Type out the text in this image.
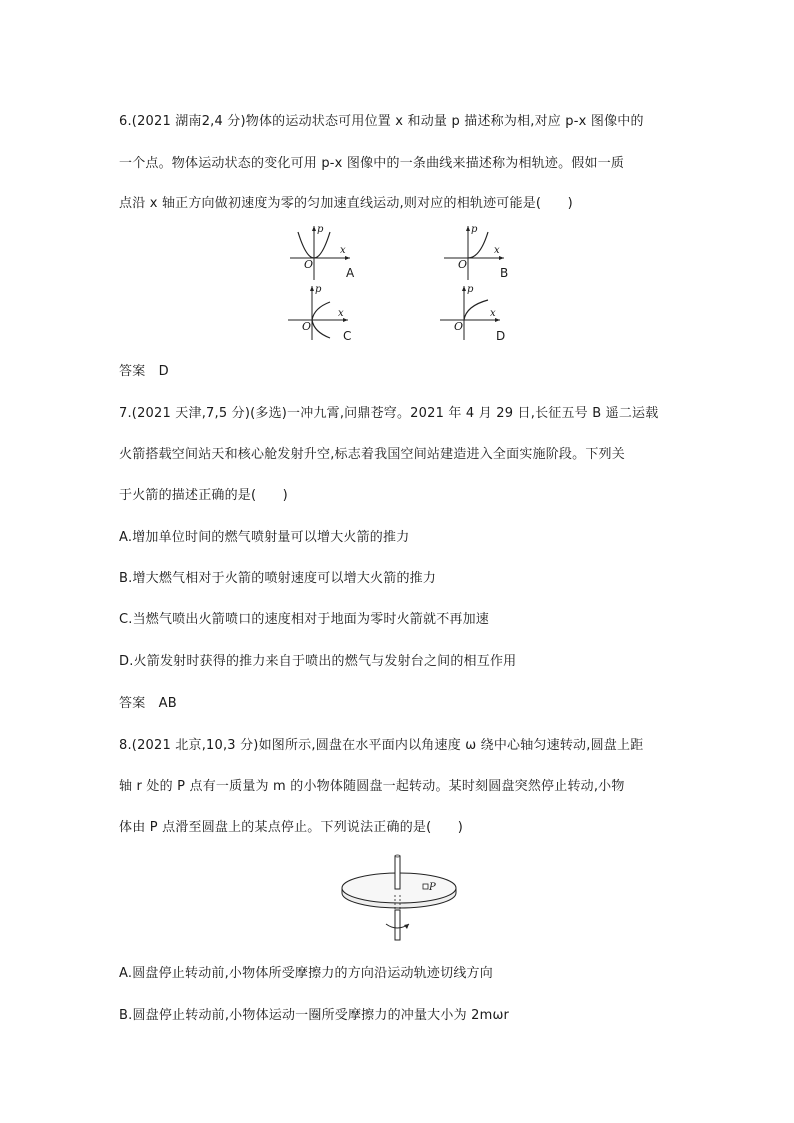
6.(2021 湖南2,4 分)物体的运动状态可用位置 x 和动量 p 描述称为相,对应 p-x 图像中的
一个点。物体运动状态的变化可用 p-x 图像中的一条曲线来描述称为相轨迹。假如一质
点沿 x 轴正方向做初速度为零的匀加速直线运动,则对应的相轨迹可能是(　　)
O
x
p
A
O
x
p
B
O
x
p
C
O
x
p
D
答案　D
7.(2021 天津,7,5 分)(多选)一冲九霄,问鼎苍穹。2021 年 4 月 29 日,长征五号 B 遥二运载
火箭搭载空间站天和核心舱发射升空,标志着我国空间站建造进入全面实施阶段。下列关
于火箭的描述正确的是(　　)
A.增加单位时间的燃气喷射量可以增大火箭的推力
B.增大燃气相对于火箭的喷射速度可以增大火箭的推力
C.当燃气喷出火箭喷口的速度相对于地面为零时火箭就不再加速
D.火箭发射时获得的推力来自于喷出的燃气与发射台之间的相互作用
答案　AB
8.(2021 北京,10,3 分)如图所示,圆盘在水平面内以角速度 ω 绕中心轴匀速转动,圆盘上距
轴 r 处的 P 点有一质量为 m 的小物体随圆盘一起转动。某时刻圆盘突然停止转动,小物
体由 P 点滑至圆盘上的某点停止。下列说法正确的是(　　)
P
A.圆盘停止转动前,小物体所受摩擦力的方向沿运动轨迹切线方向
B.圆盘停止转动前,小物体运动一圈所受摩擦力的冲量大小为 2mωr
